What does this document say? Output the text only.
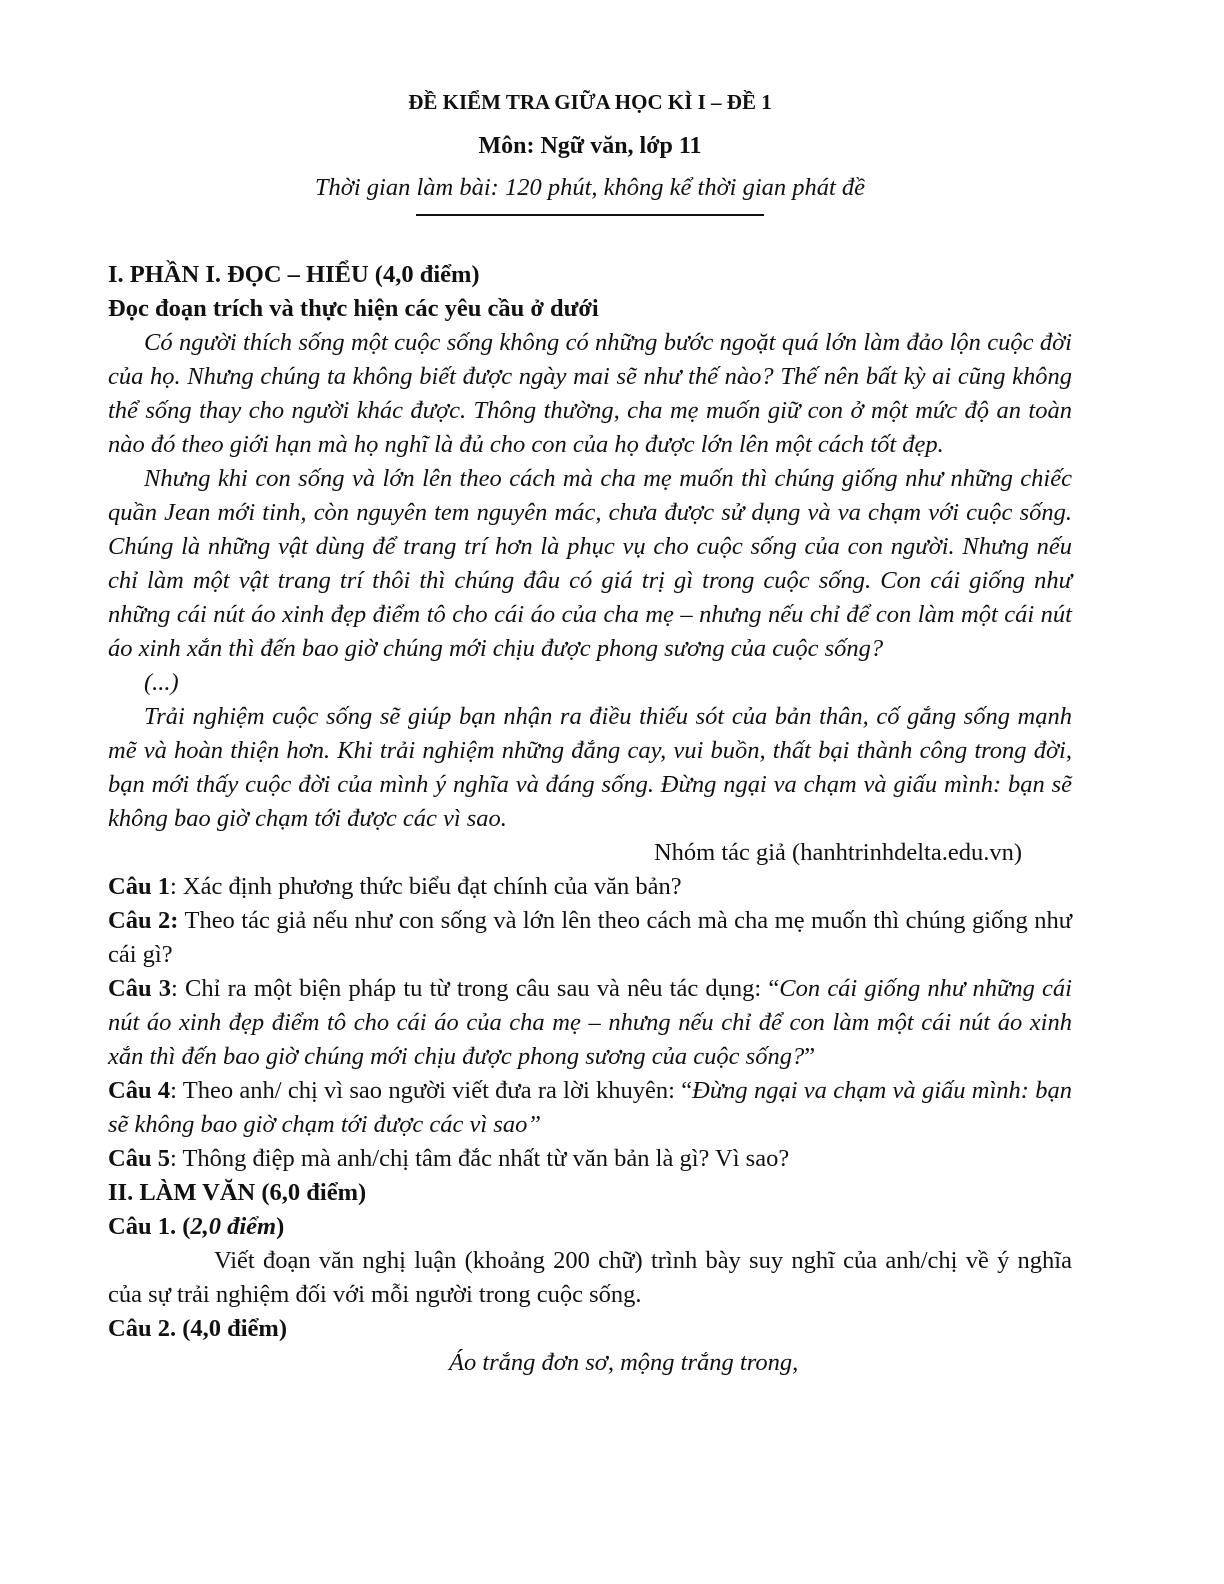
ĐỀ KIỂM TRA GIỮA HỌC KÌ I – ĐỀ 1
Môn: Ngữ văn, lớp 11
Thời gian làm bài: 120 phút, không kể thời gian phát đề
I. PHẦN I. ĐỌC – HIỂU (4,0 điểm)
Đọc đoạn trích và thực hiện các yêu cầu ở dưới

Có người thích sống một cuộc sống không có những bước ngoặt quá lớn làm đảo lộn cuộc đời của họ. Nhưng chúng ta không biết được ngày mai sẽ như thế nào? Thế nên bất kỳ ai cũng không thể sống thay cho người khác được. Thông thường, cha mẹ muốn giữ con ở một mức độ an toàn nào đó theo giới hạn mà họ nghĩ là đủ cho con của họ được lớn lên một cách tốt đẹp.

Nhưng khi con sống và lớn lên theo cách mà cha mẹ muốn thì chúng giống như những chiếc quần Jean mới tinh, còn nguyên tem nguyên mác, chưa được sử dụng và va chạm với cuộc sống. Chúng là những vật dùng để trang trí hơn là phục vụ cho cuộc sống của con người. Nhưng nếu chỉ làm một vật trang trí thôi thì chúng đâu có giá trị gì trong cuộc sống. Con cái giống như những cái nút áo xinh đẹp điểm tô cho cái áo của cha mẹ – nhưng nếu chỉ để con làm một cái nút áo xinh xắn thì đến bao giờ chúng mới chịu được phong sương của cuộc sống?

(...)

Trải nghiệm cuộc sống sẽ giúp bạn nhận ra điều thiếu sót của bản thân, cố gắng sống mạnh mẽ và hoàn thiện hơn. Khi trải nghiệm những đắng cay, vui buồn, thất bại thành công trong đời, bạn mới thấy cuộc đời của mình ý nghĩa và đáng sống. Đừng ngại va chạm và giấu mình: bạn sẽ không bao giờ chạm tới được các vì sao.

Nhóm tác giả (hanhtrinhdelta.edu.vn)

Câu 1: Xác định phương thức biểu đạt chính của văn bản?

Câu 2: Theo tác giả nếu như con sống và lớn lên theo cách mà cha mẹ muốn thì chúng giống như cái gì?

Câu 3: Chỉ ra một biện pháp tu từ trong câu sau và nêu tác dụng: “Con cái giống như những cái nút áo xinh đẹp điểm tô cho cái áo của cha mẹ – nhưng nếu chỉ để con làm một cái nút áo xinh xắn thì đến bao giờ chúng mới chịu được phong sương của cuộc sống?”

Câu 4: Theo anh/ chị vì sao người viết đưa ra lời khuyên: “Đừng ngại va chạm và giấu mình: bạn sẽ không bao giờ chạm tới được các vì sao”

Câu 5: Thông điệp mà anh/chị tâm đắc nhất từ văn bản là gì? Vì sao?

II. LÀM VĂN (6,0 điểm)
Câu 1. (2,0 điểm)

Viết đoạn văn nghị luận (khoảng 200 chữ) trình bày suy nghĩ của anh/chị về ý nghĩa của sự trải nghiệm đối với mỗi người trong cuộc sống.

Câu 2. (4,0 điểm)
Áo trắng đơn sơ, mộng trắng trong,
